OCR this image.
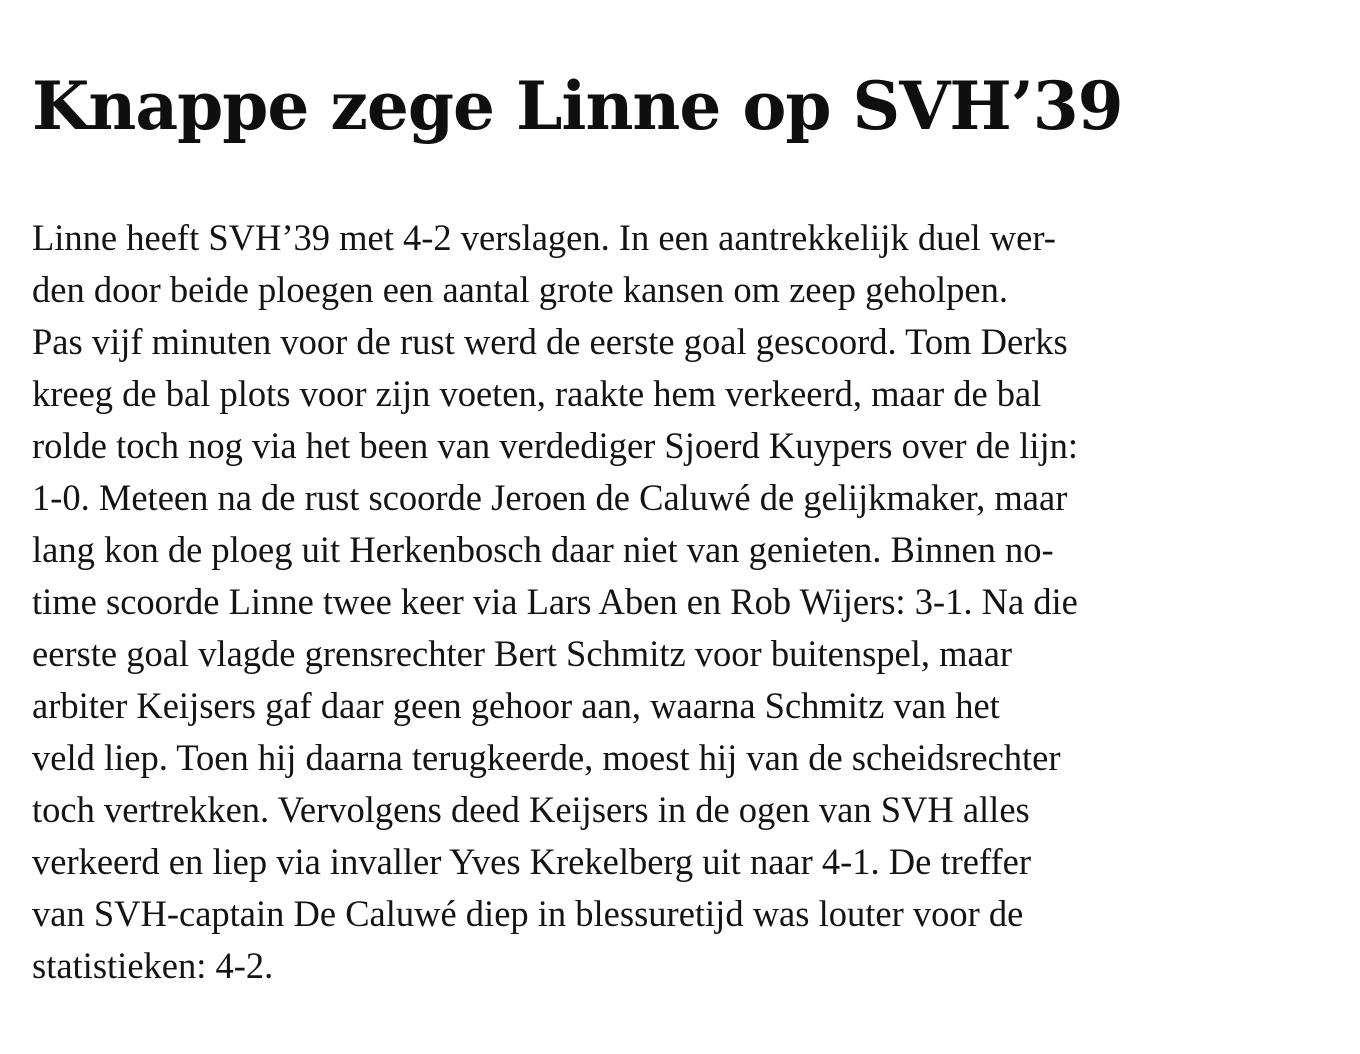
Knappe zege Linne op SVH’39

Linne heeft SVH’39 met 4-2 verslagen. In een aantrekkelijk duel wer-
den door beide ploegen een aantal grote kansen om zeep geholpen.
Pas vijf minuten voor de rust werd de eerste goal gescoord. Tom Derks
kreeg de bal plots voor zijn voeten, raakte hem verkeerd, maar de bal
rolde toch nog via het been van verdediger Sjoerd Kuypers over de lijn:
1-0. Meteen na de rust scoorde Jeroen de Caluwé de gelijkmaker, maar
lang kon de ploeg uit Herkenbosch daar niet van genieten. Binnen no-
time scoorde Linne twee keer via Lars Aben en Rob Wijers: 3-1. Na die
eerste goal vlagde grensrechter Bert Schmitz voor buitenspel, maar
arbiter Keijsers gaf daar geen gehoor aan, waarna Schmitz van het
veld liep. Toen hij daarna terugkeerde, moest hij van de scheidsrechter
toch vertrekken. Vervolgens deed Keijsers in de ogen van SVH alles
verkeerd en liep via invaller Yves Krekelberg uit naar 4-1. De treffer
van SVH-captain De Caluwé diep in blessuretijd was louter voor de
statistieken: 4-2.
